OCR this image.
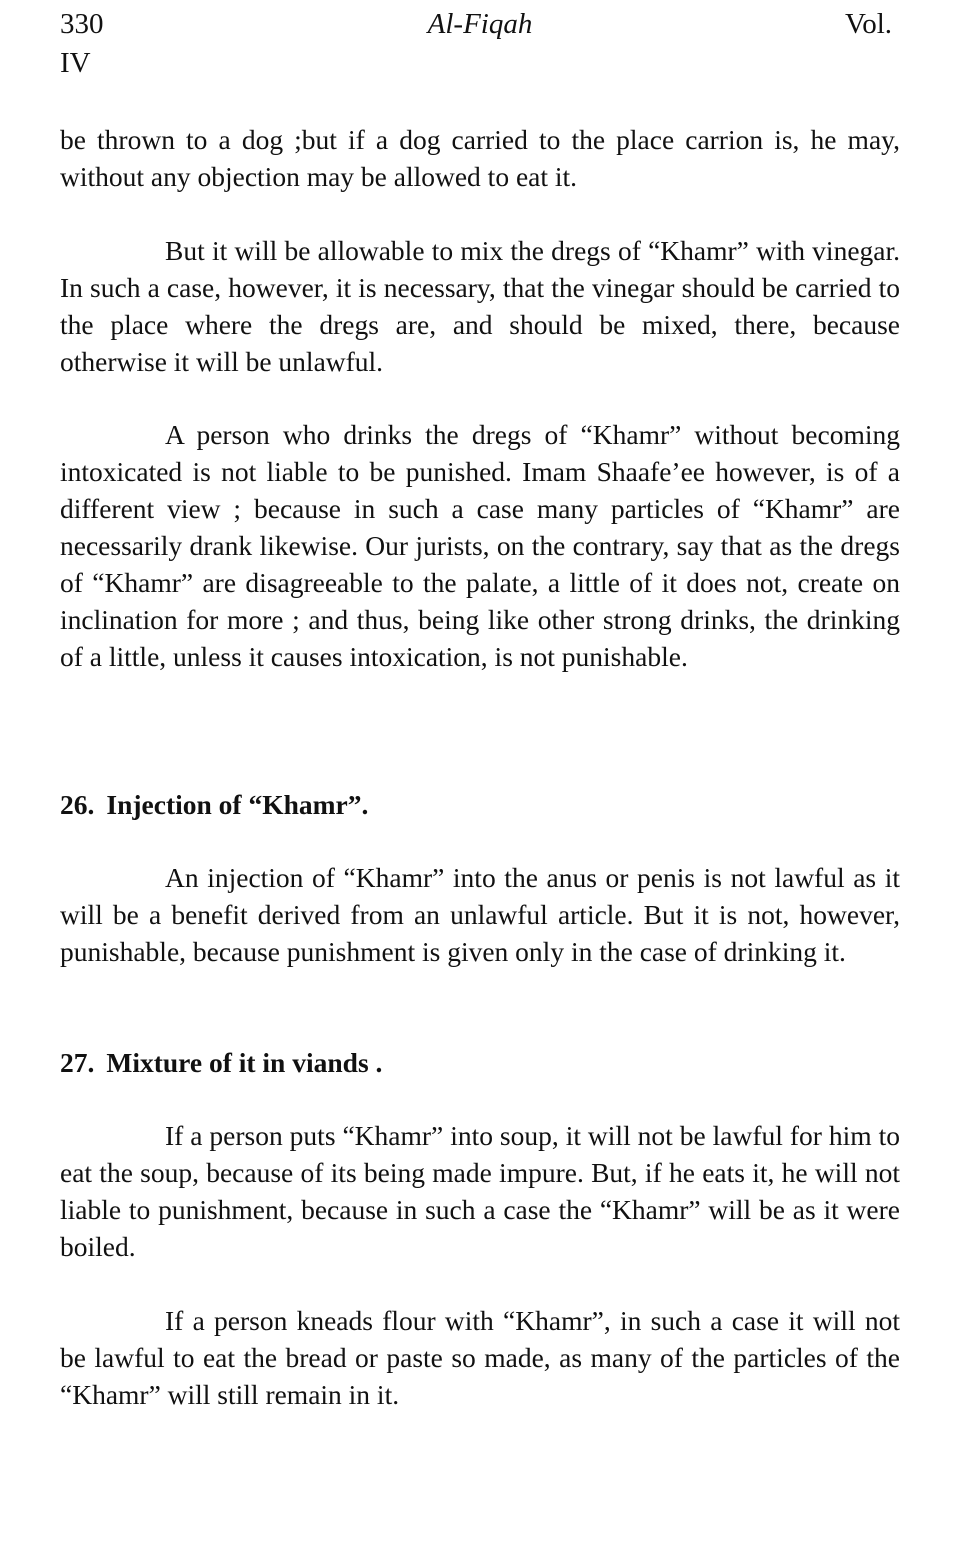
330	Al-Fiqah	Vol.
IV

be thrown to a dog ;but if a dog carried to the place carrion is, he may, without any objection may be allowed to eat it.

But it will be allowable to mix the dregs of “Khamr” with vinegar. In such a case, however, it is necessary, that the vinegar should be carried to the place where the dregs are, and should be mixed, there, because otherwise it will be unlawful.

A person who drinks the dregs of “Khamr” without becoming intoxicated is not liable to be punished. Imam Shaafe’ee however, is of a different view ; because in such a case many particles of “Khamr” are necessarily drank likewise. Our jurists, on the contrary, say that as the dregs of “Khamr” are disagreeable to the palate, a little of it does not, create on inclination for more ; and thus, being like other strong drinks, the drinking of a little, unless it causes intoxication, is not punishable.

26. Injection of “Khamr”.

An injection of “Khamr” into the anus or penis is not lawful as it will be a benefit derived from an unlawful article. But it is not, however, punishable, because punishment is given only in the case of drinking it.

27. Mixture of it in viands .

If a person puts “Khamr” into soup, it will not be lawful for him to eat the soup, because of its being made impure. But, if he eats it, he will not liable to punishment, because in such a case the “Khamr” will be as it were boiled.

If a person kneads flour with “Khamr”, in such a case it will not be lawful to eat the bread or paste so made, as many of the particles of the “Khamr” will still remain in it.
